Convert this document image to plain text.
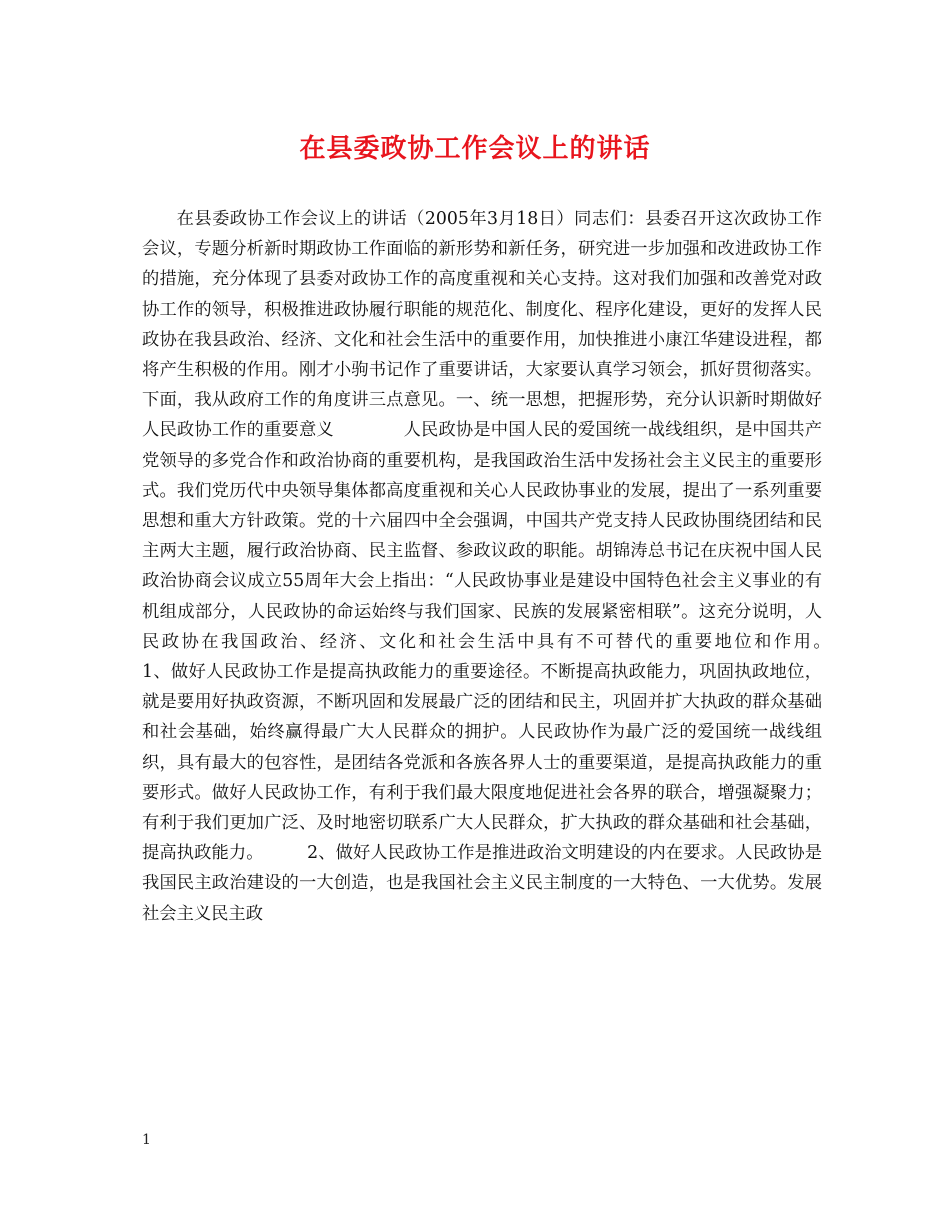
在县委政协工作会议上的讲话

在县委政协工作会议上的讲话（2005年3月18日）同志们：县委召开这次政协工作会议，专题分析新时期政协工作面临的新形势和新任务，研究进一步加强和改进政协工作的措施，充分体现了县委对政协工作的高度重视和关心支持。这对我们加强和改善党对政协工作的领导，积极推进政协履行职能的规范化、制度化、程序化建设，更好的发挥人民政协在我县政治、经济、文化和社会生活中的重要作用，加快推进小康江华建设进程，都将产生积极的作用。刚才小驹书记作了重要讲话，大家要认真学习领会，抓好贯彻落实。下面，我从政府工作的角度讲三点意见。一、统一思想，把握形势，充分认识新时期做好人民政协工作的重要意义　　　　人民政协是中国人民的爱国统一战线组织，是中国共产党领导的多党合作和政治协商的重要机构，是我国政治生活中发扬社会主义民主的重要形式。我们党历代中央领导集体都高度重视和关心人民政协事业的发展，提出了一系列重要思想和重大方针政策。党的十六届四中全会强调，中国共产党支持人民政协围绕团结和民主两大主题，履行政治协商、民主监督、参政议政的职能。胡锦涛总书记在庆祝中国人民政治协商会议成立55周年大会上指出：“人民政协事业是建设中国特色社会主义事业的有机组成部分，人民政协的命运始终与我们国家、民族的发展紧密相联”。这充分说明，人民政协在我国政治、经济、文化和社会生活中具有不可替代的重要地位和作用。　　　　　1、做好人民政协工作是提高执政能力的重要途径。不断提高执政能力，巩固执政地位，就是要用好执政资源，不断巩固和发展最广泛的团结和民主，巩固并扩大执政的群众基础和社会基础，始终赢得最广大人民群众的拥护。人民政协作为最广泛的爱国统一战线组织，具有最大的包容性，是团结各党派和各族各界人士的重要渠道，是提高执政能力的重要形式。做好人民政协工作，有利于我们最大限度地促进社会各界的联合，增强凝聚力；有利于我们更加广泛、及时地密切联系广大人民群众，扩大执政的群众基础和社会基础，提高执政能力。　　　2、做好人民政协工作是推进政治文明建设的内在要求。人民政协是我国民主政治建设的一大创造，也是我国社会主义民主制度的一大特色、一大优势。发展社会主义民主政

1
